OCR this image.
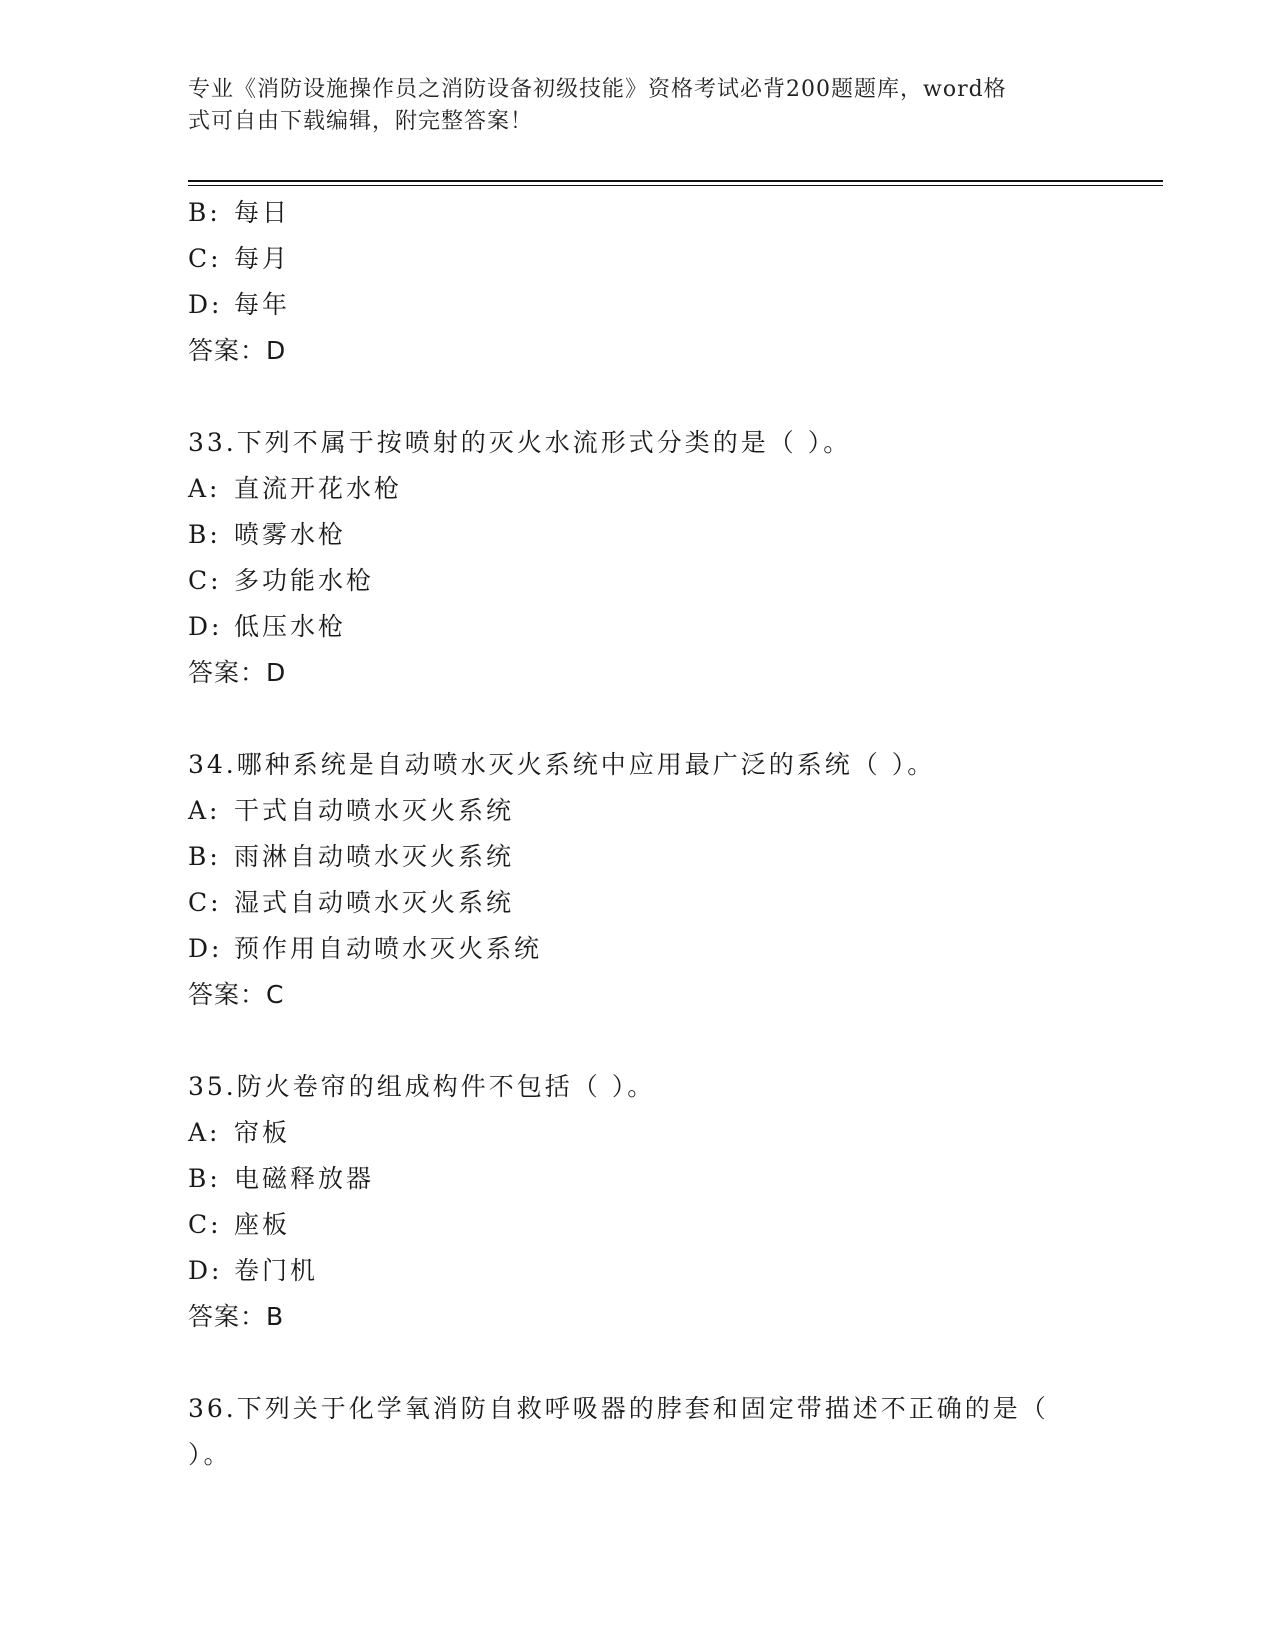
专业《消防设施操作员之消防设备初级技能》资格考试必背200题题库，word格
式可自由下载编辑，附完整答案！
B: 每日
C: 每月
D: 每年
答案：D
33.下列不属于按喷射的灭火水流形式分类的是（ ）。
A: 直流开花水枪
B: 喷雾水枪
C: 多功能水枪
D: 低压水枪
答案：D
34.哪种系统是自动喷水灭火系统中应用最广泛的系统（ ）。
A: 干式自动喷水灭火系统
B: 雨淋自动喷水灭火系统
C: 湿式自动喷水灭火系统
D: 预作用自动喷水灭火系统
答案：C
35.防火卷帘的组成构件不包括（ ）。
A: 帘板
B: 电磁释放器
C: 座板
D: 卷门机
答案：B
36.下列关于化学氧消防自救呼吸器的脖套和固定带描述不正确的是（
）。
